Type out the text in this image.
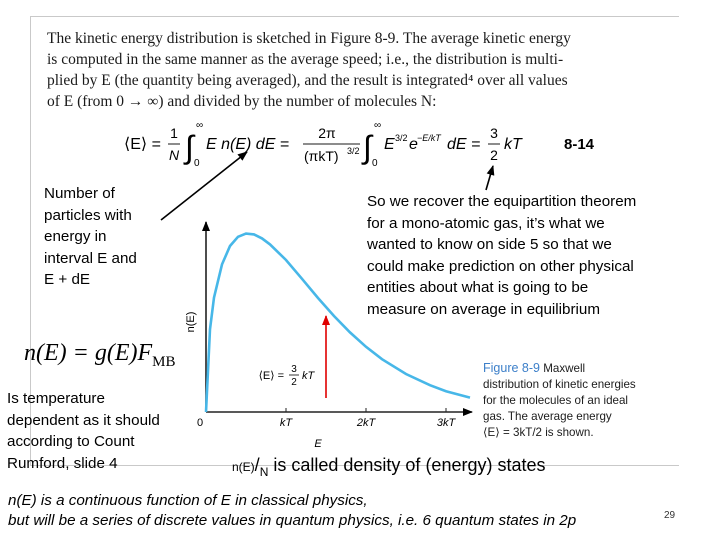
The kinetic energy distribution is sketched in Figure 8-9. The average kinetic energy
is computed in the same manner as the average speed; i.e., the distribution is multi-
plied by E (the quantity being averaged), and the result is integrated⁴ over all values
of E (from 0 → ∞) and divided by the number of molecules N:
⟨E⟩ =
1
N ∫
∞
0
E n(E) dE =
2π
(πkT) 3/2 ∫
∞
0
E 3/2 e −E/kT dE =
3
2
kT	8-14
Number of
particles with
energy in
interval E and
E + dE
So we recover the equipartition theorem
for a mono-atomic gas, it’s what we
wanted to know on side 5 so that we
could make prediction on other physical
entities about what is going to be
measure on average in equilibrium
$n(E) = g(E)F_{MB}$
Is temperature
dependent as it should
according to Count
Rumford, slide 4
n(E)
E
0	kT	2kT	3kT
⟨E⟩ =
3
2
kT
Figure 8-9 Maxwell
distribution of kinetic energies
for the molecules of an ideal
gas. The average energy
⟨E⟩ = 3kT/2 is shown.
$n(E)/_N$ is called density of (energy) states
n(E) is a continuous function of E in classical physics,
but will be a series of discrete values in quantum physics, i.e. 6 quantum states in 2p	29
